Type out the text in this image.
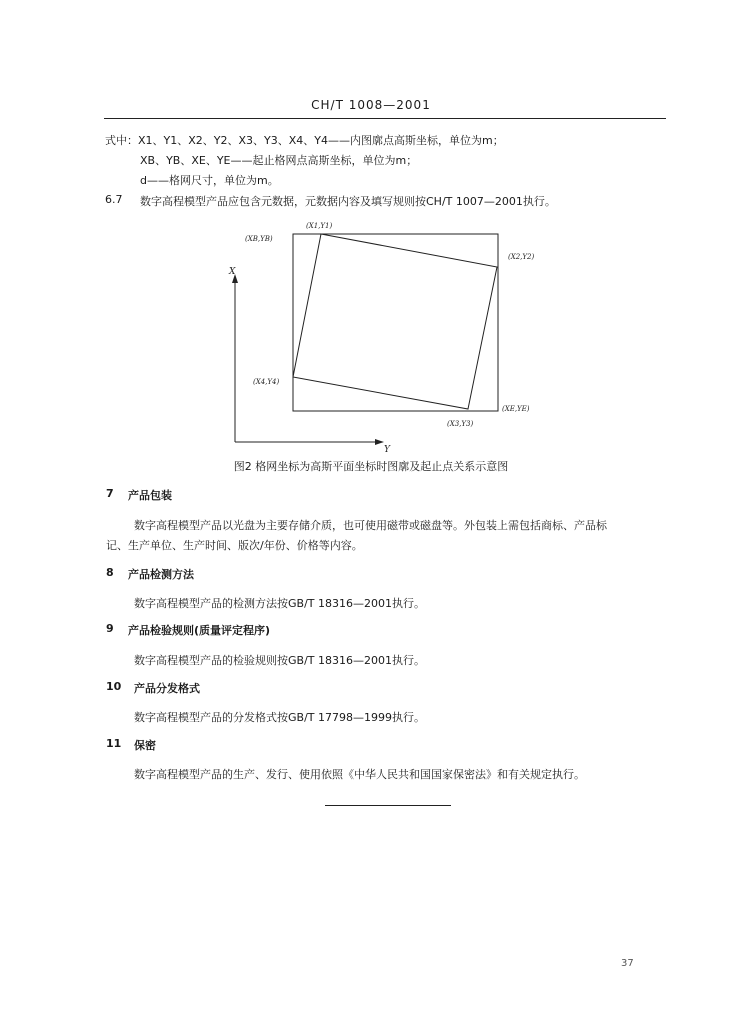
CH/T 1008—2001
式中：X1、Y1、X2、Y2、X3、Y3、X4、Y4——内图廓点高斯坐标，单位为m；
XB、YB、XE、YE——起止格网点高斯坐标，单位为m；
d——格网尺寸，单位为m。
6.7 数字高程模型产品应包含元数据，元数据内容及填写规则按CH/T 1007—2001执行。
X
Y
(XB,YB)
(X1,Y1)
(X2,Y2)
(X3,Y3)
(X4,Y4)
(XE,YE)
图2 格网坐标为高斯平面坐标时图廓及起止点关系示意图
7 产品包装
数字高程模型产品以光盘为主要存储介质，也可使用磁带或磁盘等。外包装上需包括商标、产品标
记、生产单位、生产时间、版次/年份、价格等内容。
8 产品检测方法
数字高程模型产品的检测方法按GB/T 18316—2001执行。
9 产品检验规则(质量评定程序)
数字高程模型产品的检验规则按GB/T 18316—2001执行。
10 产品分发格式
数字高程模型产品的分发格式按GB/T 17798—1999执行。
11 保密
数字高程模型产品的生产、发行、使用依照《中华人民共和国国家保密法》和有关规定执行。
37
